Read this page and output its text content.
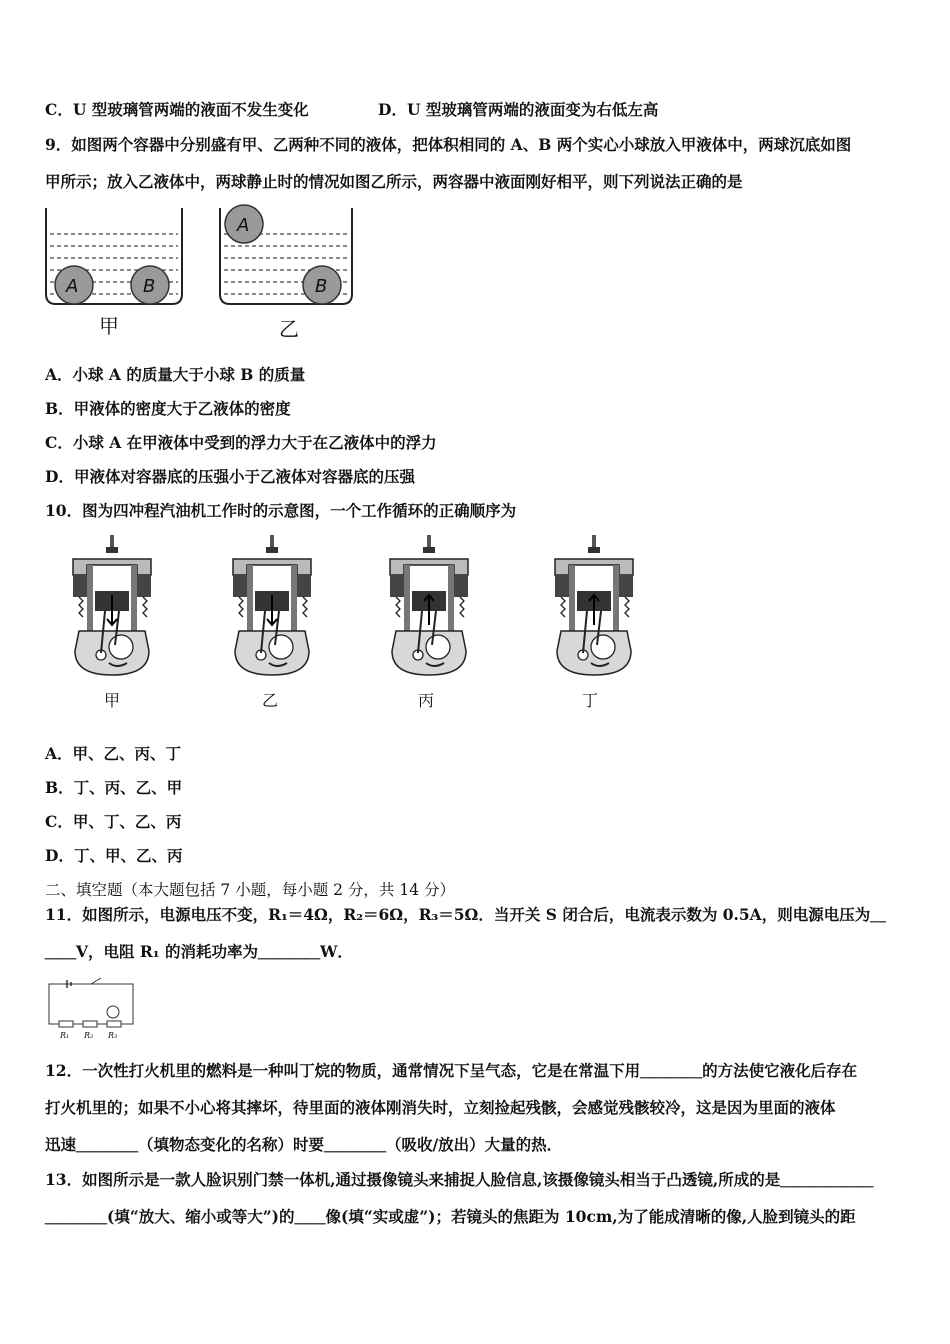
C．U 型玻璃管两端的液面不发生变化	D．U 型玻璃管两端的液面变为右低左高
9．如图两个容器中分别盛有甲、乙两种不同的液体，把体积相同的 A、B 两个实心小球放入甲液体中，两球沉底如图
甲所示；放入乙液体中，两球静止时的情况如图乙所示，两容器中液面刚好相平，则下列说法正确的是
A	B
A
B
甲	乙
A．小球 A 的质量大于小球 B 的质量
B．甲液体的密度大于乙液体的密度
C．小球 A 在甲液体中受到的浮力大于在乙液体中的浮力
D．甲液体对容器底的压强小于乙液体对容器底的压强
10．图为四冲程汽油机工作时的示意图，一个工作循环的正确顺序为
甲	乙	丙	丁
A．甲、乙、丙、丁
B．丁、丙、乙、甲
C．甲、丁、乙、丙
D．丁、甲、乙、丙
二、填空题（本大题包括 7 小题，每小题 2 分，共 14 分）
11．如图所示，电源电压不变，R₁＝4Ω，R₂＝6Ω，R₃＝5Ω．当开关 S 闭合后，电流表示数为 0.5A，则电源电压为＿
＿＿V，电阻 R₁ 的消耗功率为＿＿＿＿W．
R₁ R₂ R₃
12．一次性打火机里的燃料是一种叫丁烷的物质，通常情况下呈气态，它是在常温下用＿＿＿＿的方法使它液化后存在
打火机里的；如果不小心将其摔坏，待里面的液体刚消失时，立刻捡起残骸，会感觉残骸较冷，这是因为里面的液体
迅速＿＿＿＿（填物态变化的名称）时要＿＿＿＿（吸收/放出）大量的热．
13．如图所示是一款人脸识别门禁一体机,通过摄像镜头来捕捉人脸信息,该摄像镜头相当于凸透镜,所成的是＿＿＿＿＿＿
＿＿＿＿(填“放大、缩小或等大”)的＿＿像(填“实或虚”)；若镜头的焦距为 10cm,为了能成清晰的像,人脸到镜头的距
